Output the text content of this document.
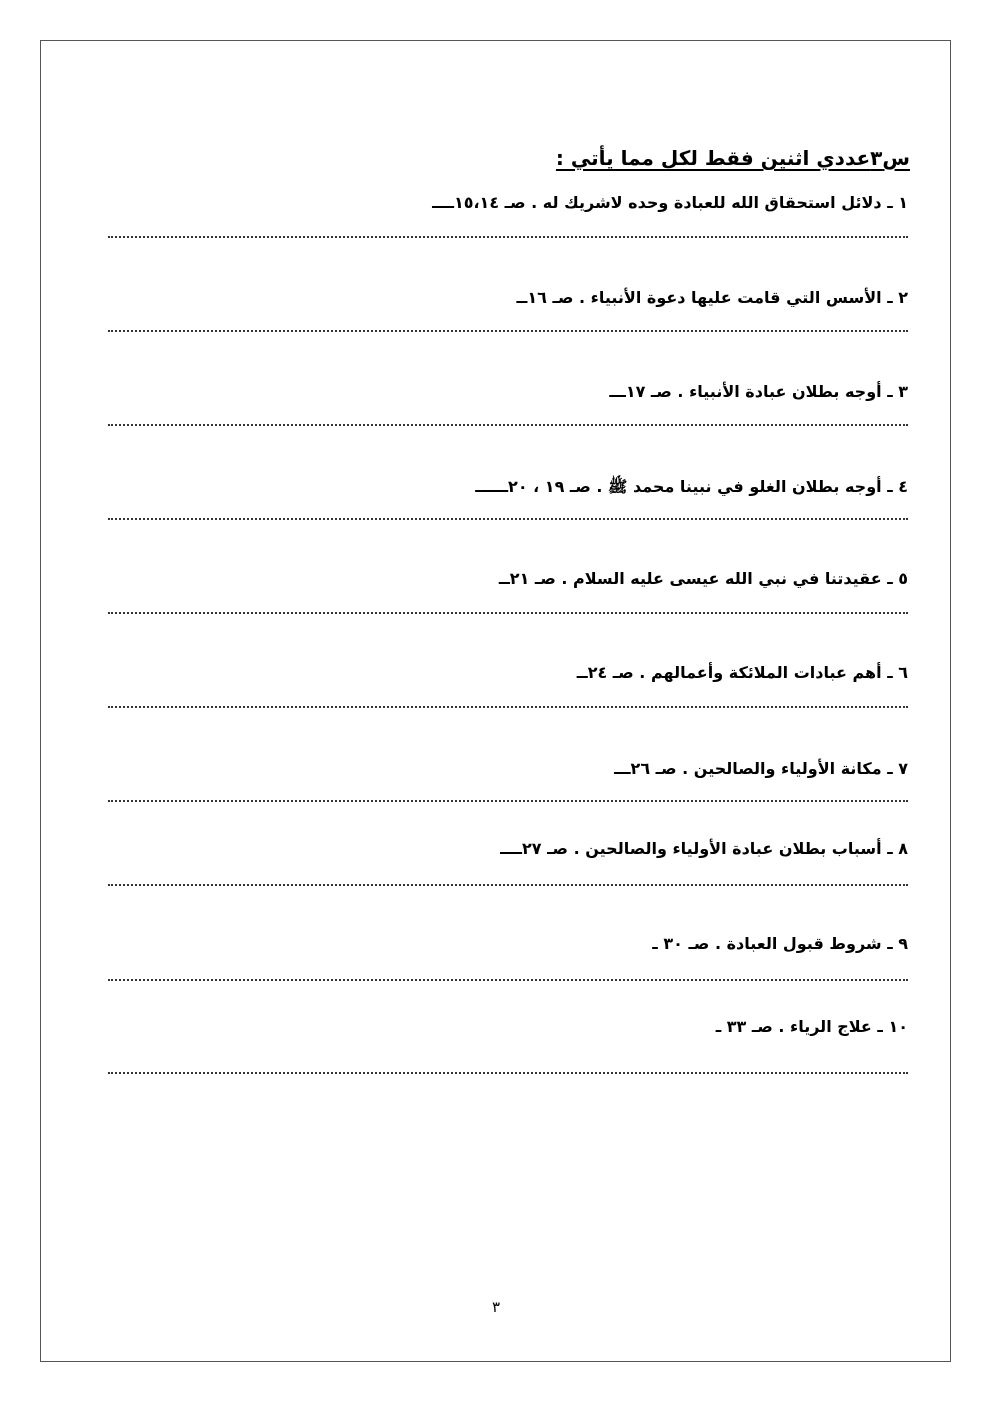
س٣عددي اثنين فقط لكل مما يأتي :
١ ـ دلائل استحقاق الله للعبادة وحده لاشريك له . صـ ١٥،١٤ــــ
٢ ـ الأسس التي قامت عليها دعوة الأنبياء . صـ ١٦ــ
٣ ـ أوجه بطلان عبادة الأنبياء . صـ ١٧ـــ
٤ ـ أوجه بطلان الغلو في نبينا محمد ﷺ . صـ ١٩ ، ٢٠ــــــ
٥ ـ عقيدتنا في نبي الله عيسى عليه السلام . صـ ٢١ــ
٦ ـ أهم عبادات الملائكة وأعمالهم . صـ ٢٤ــ
٧ ـ مكانة الأولياء والصالحين . صـ ٢٦ـــ
٨ ـ أسباب بطلان عبادة الأولياء والصالحين . صـ ٢٧ــــ
٩ ـ شروط قبول العبادة . صـ ٣٠ ـ
١٠ ـ علاج الرياء . صـ ٣٣ ـ
٣
